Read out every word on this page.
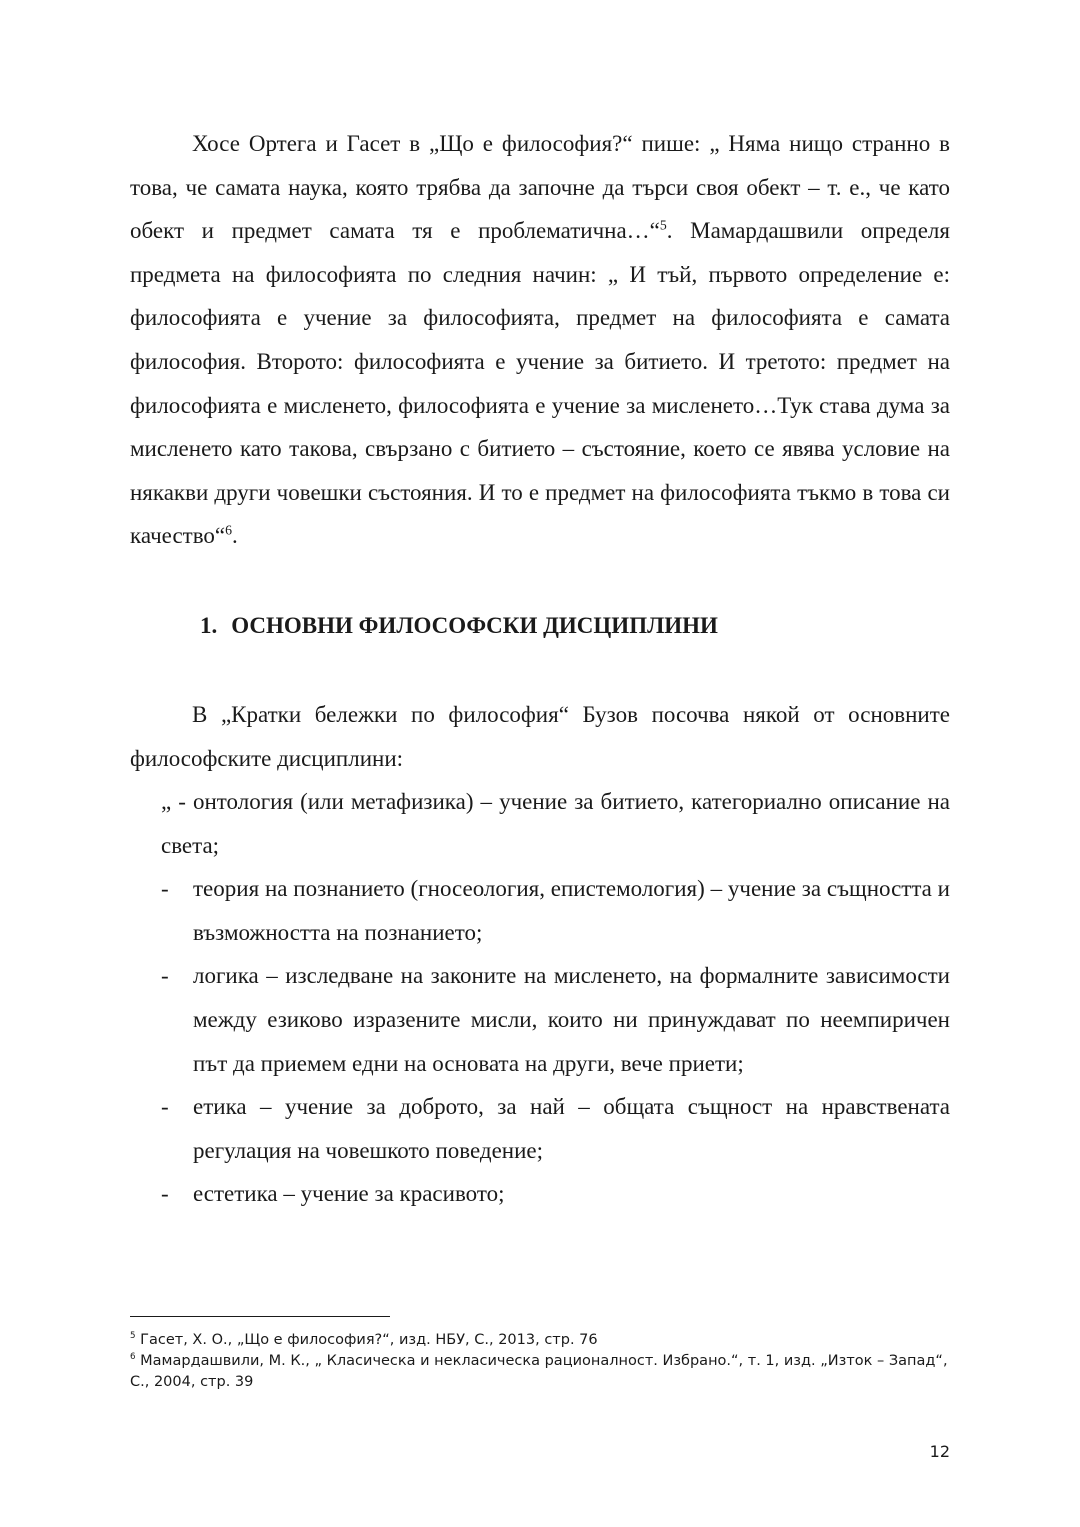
Хосе Ортега и Гасет в „Що е философия?“ пише: „ Няма нищо странно в това, че самата наука, която трябва да започне да търси своя обект – т. е., че като обект и предмет самата тя е проблематична…“$^5$. Мамардашвили определя предмета на философията по следния начин: „ И тъй, първото определение е: философията е учение за философията, предмет на философията е самата философия. Второто: философията е учение за битието. И третото: предмет на философията е мисленето, философията е учение за мисленето…Тук става дума за мисленето като такова, свързано с битието – състояние, което се явява условие на някакви други човешки състояния. И то е предмет на философията тъкмо в това си качество“$^6$.

1. ОСНОВНИ ФИЛОСОФСКИ ДИСЦИПЛИНИ

В „Кратки бележки по философия“ Бузов посочва някой от основните философските дисциплини:

„ - онтология (или метафизика) – учение за битието, категориално описание на света;
- теория на познанието (гносеология, епистемология) – учение за същността и възможността на познанието;
- логика – изследване на законите на мисленето, на формалните зависимости между езиково изразените мисли, които ни принуждават по неемпиричен път да приемем едни на основата на други, вече приети;
- етика – учение за доброто, за най – общата същност на нравствената регулация на човешкото поведение;
- естетика – учение за красивото;
$^5$ Гасет, Х. О., „Що е философия?“, изд. НБУ, С., 2013, стр. 76
$^6$ Мамардашвили, М. К., „ Класическа и некласическа рационалност. Избрано.“, т. 1, изд. „Изток – Запад“, С., 2004, стр. 39
12
